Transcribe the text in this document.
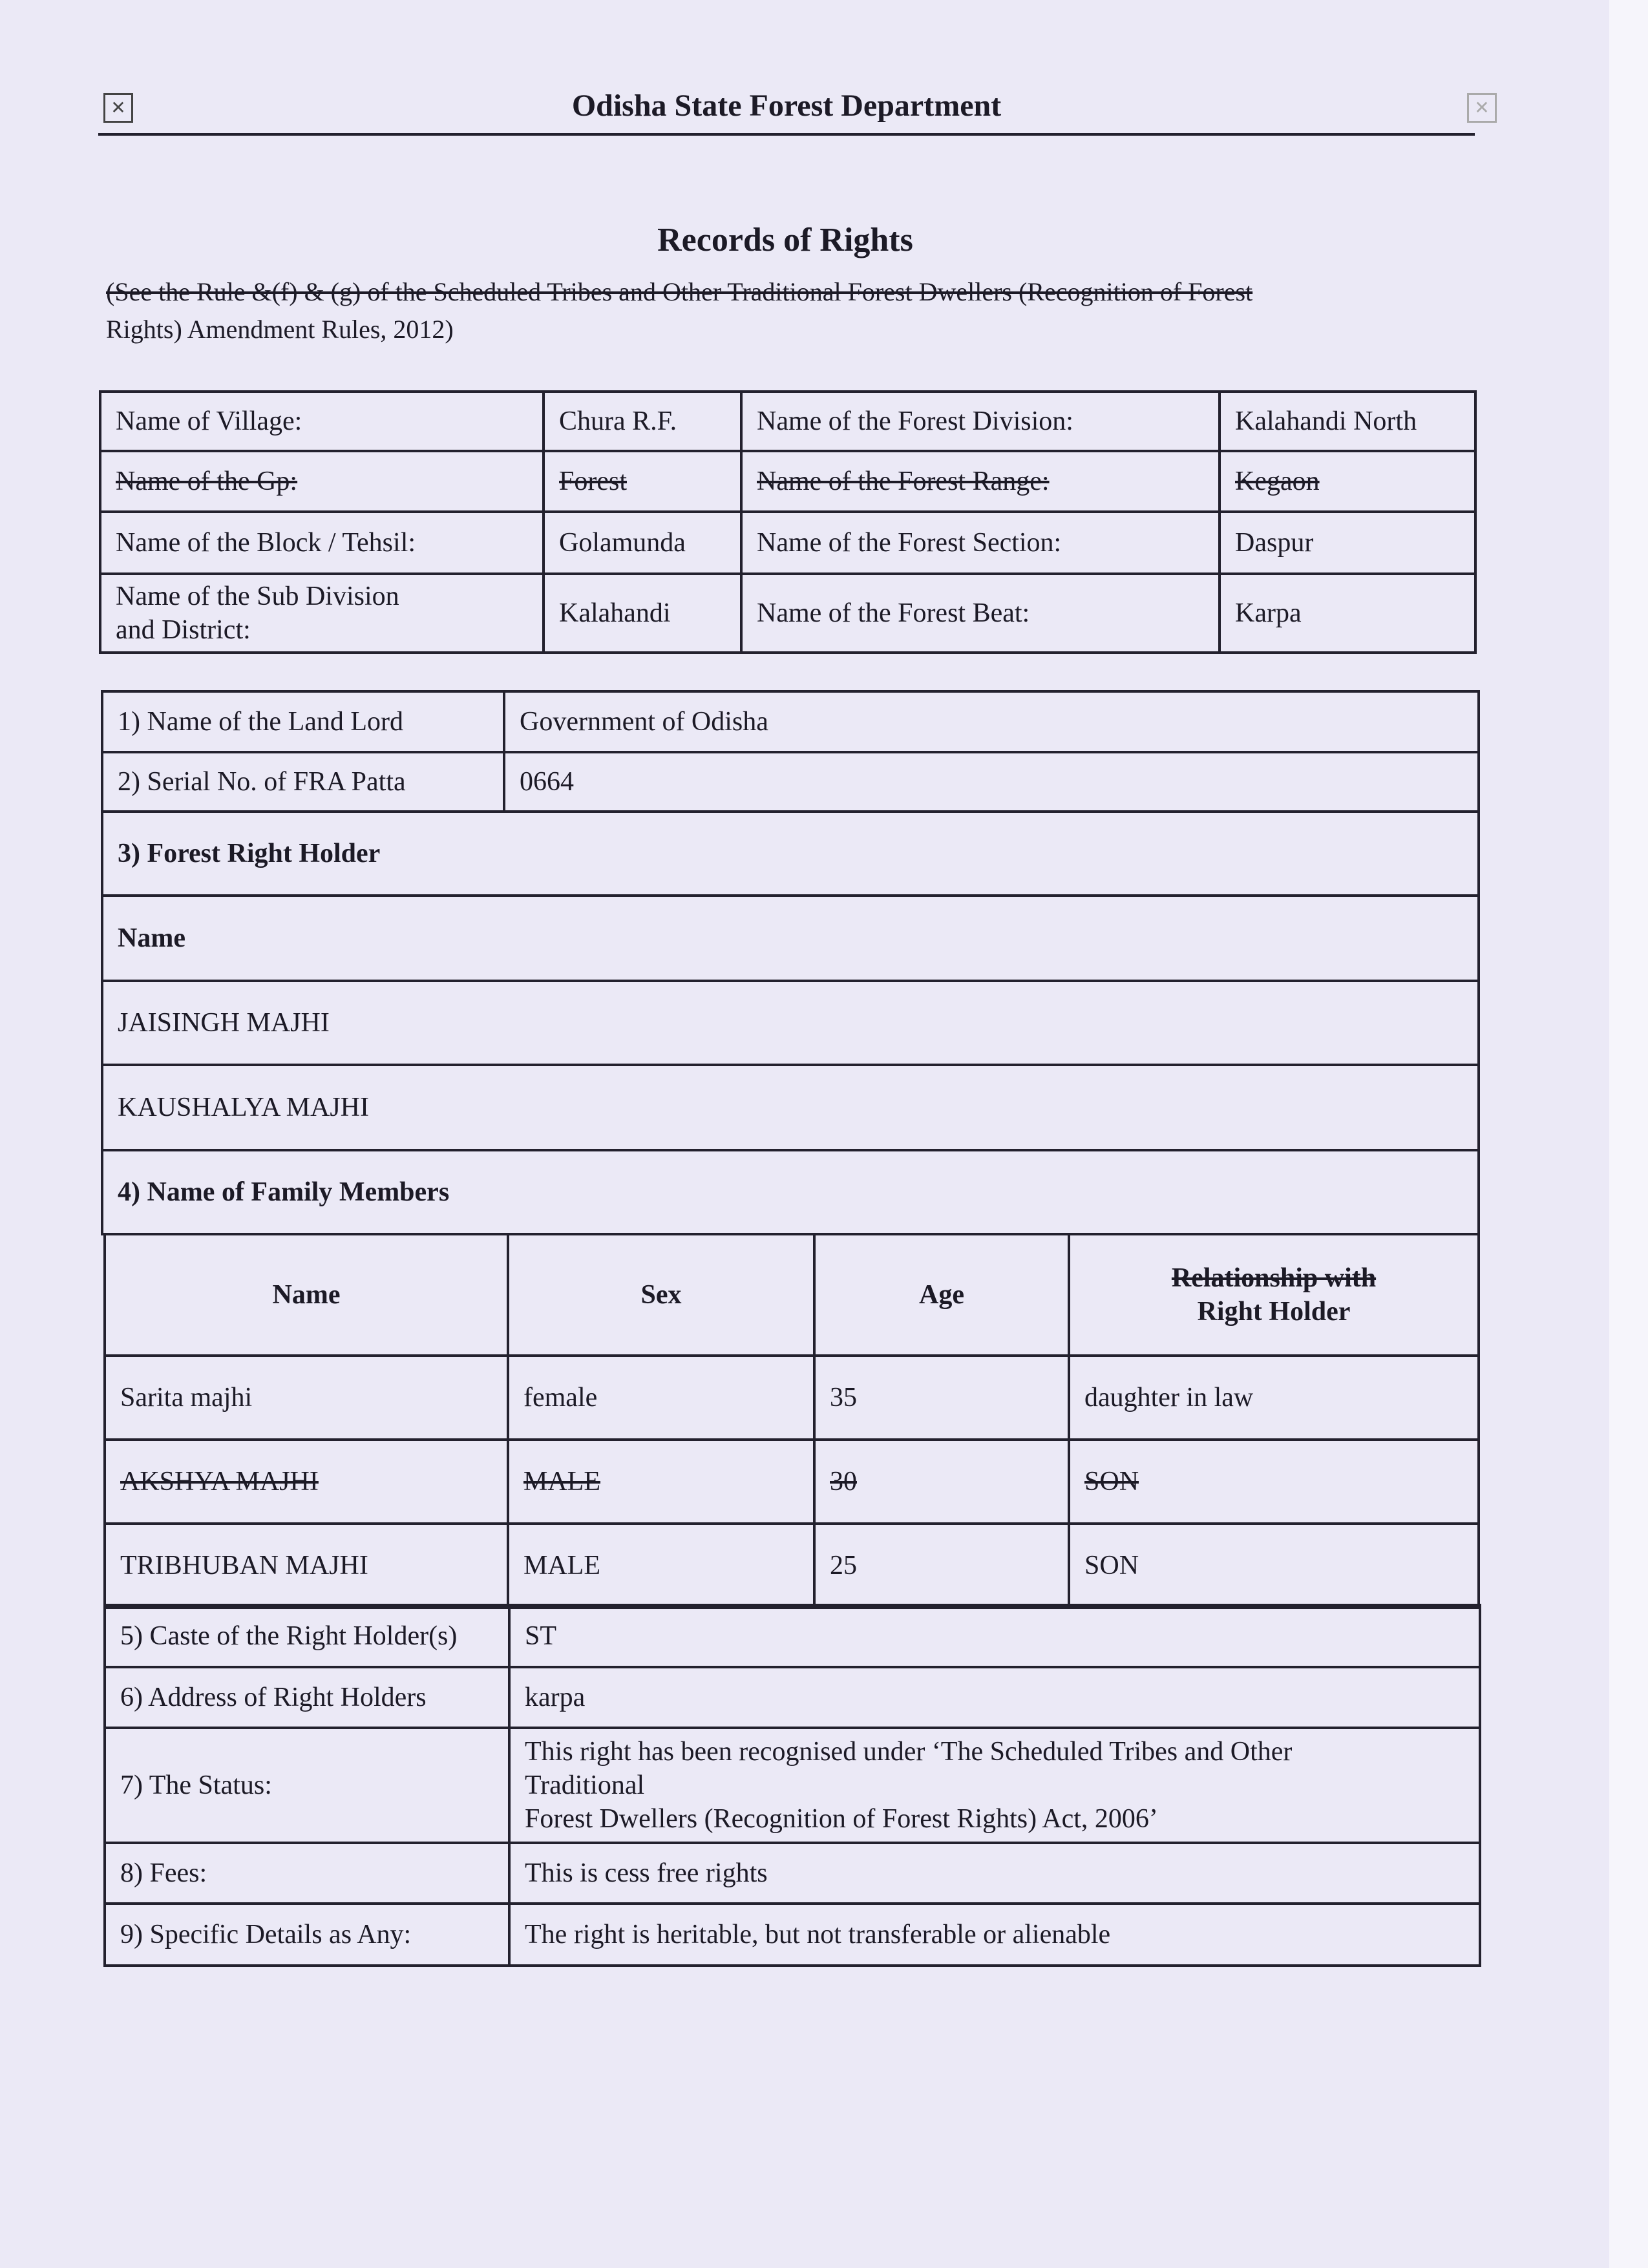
✕	Odisha State Forest Department	✕
Records of Rights
(See the Rule &(f) & (g) of the Scheduled Tribes and Other Traditional Forest Dwellers (Recognition of Forest
Rights) Amendment Rules, 2012)
Name of Village:	Chura R.F.	Name of the Forest Division:	Kalahandi North
Name of the Gp:	Forest	Name of the Forest Range:	Kegaon
Name of the Block / Tehsil:	Golamunda	Name of the Forest Section:	Daspur
Name of the Sub Division
and District:	Kalahandi	Name of the Forest Beat:	Karpa
1) Name of the Land Lord	Government of Odisha
2) Serial No. of FRA Patta	0664
3) Forest Right Holder	
Name	
JAISINGH MAJHI	
KAUSHALYA MAJHI	
4) Name of Family Members	
Name	Sex	Age	Relationship with
Right Holder
Sarita majhi	female	35	daughter in law
AKSHYA MAJHI	MALE	30	SON
TRIBHUBAN MAJHI	MALE	25	SON
5) Caste of the Right Holder(s)	ST
6) Address of Right Holders	karpa
7) The Status:	This right has been recognised under ‘The Scheduled Tribes and Other
Traditional
Forest Dwellers (Recognition of Forest Rights) Act, 2006’
8) Fees:	This is cess free rights
9) Specific Details as Any:	The right is heritable, but not transferable or alienable
